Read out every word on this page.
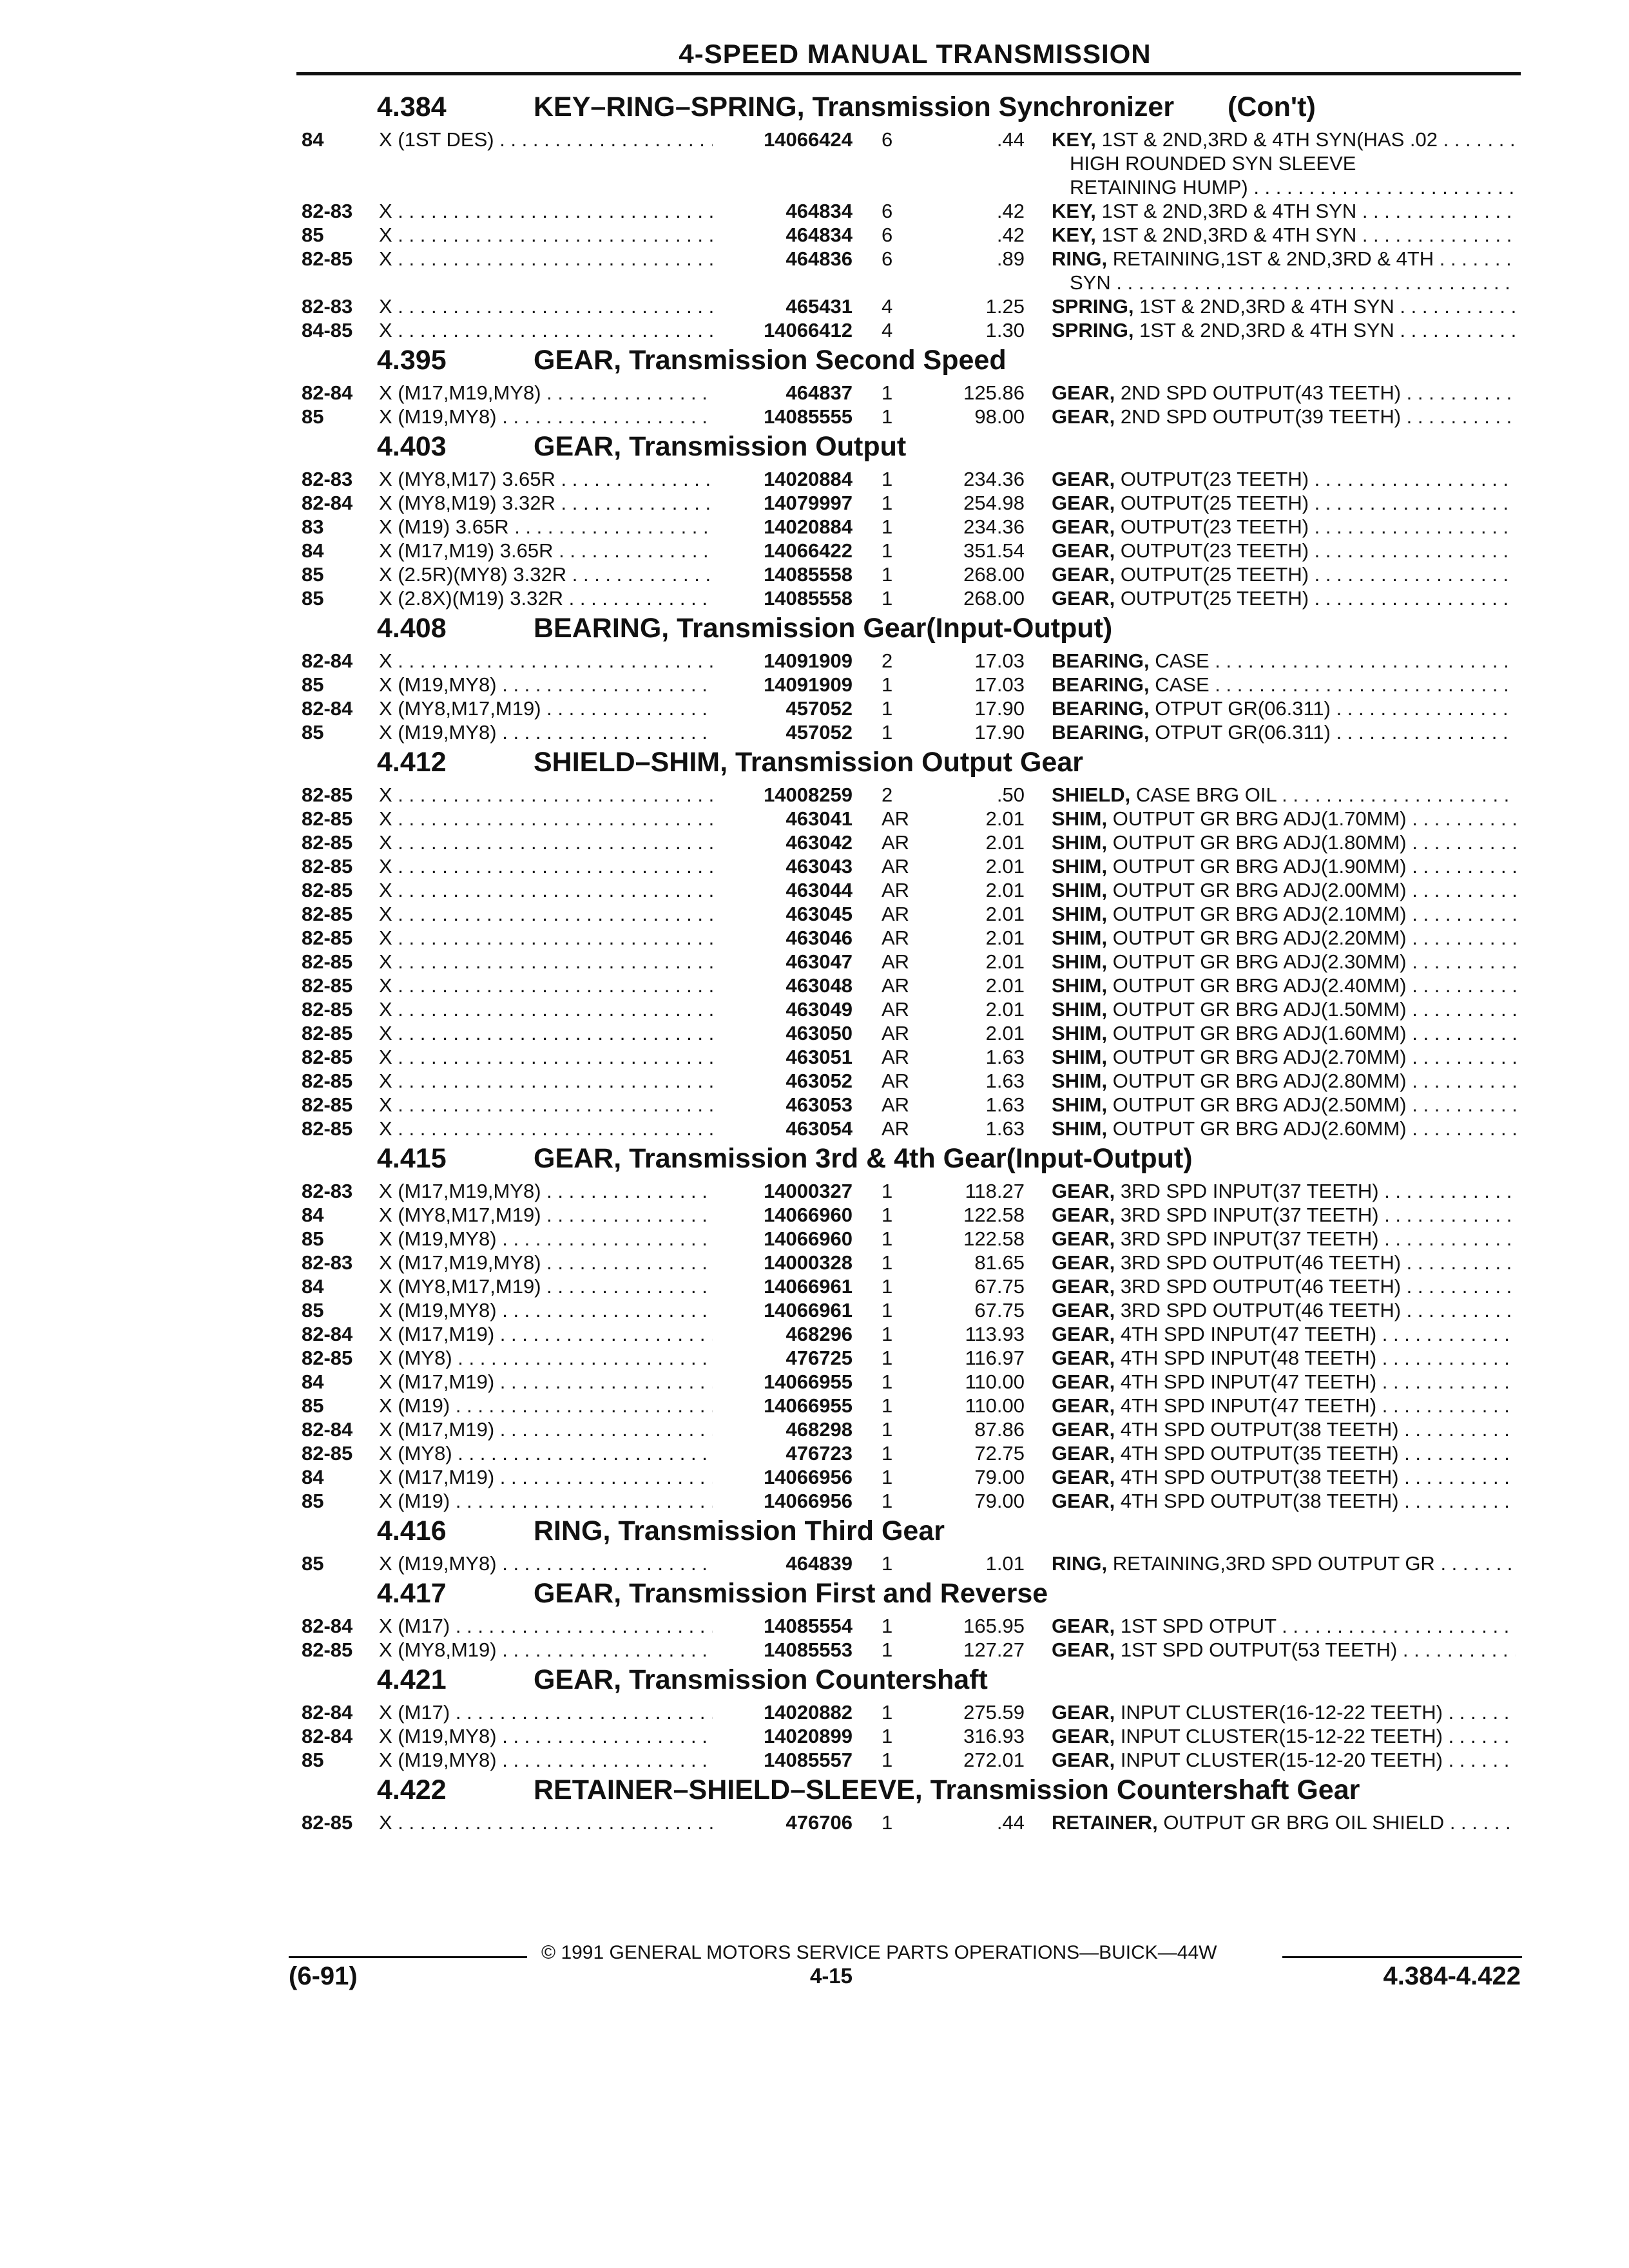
4-SPEED MANUAL TRANSMISSION
4.384	KEY–RING–SPRING, Transmission Synchronizer (Con't)
84	X (1ST DES) . . .	14066424 6	.44 KEY, 1ST & 2ND,3RD & 4TH SYN(HAS .02 . . .
HIGH ROUNDED SYN SLEEVE
RETAINING HUMP) . . .
82-83 X . . .	464834 6	.42 KEY, 1ST & 2ND,3RD & 4TH SYN . . .
85	X . . .	464834 6	.42 KEY, 1ST & 2ND,3RD & 4TH SYN . . .
82-85 X . . .	464836 6	.89 RING, RETAINING,1ST & 2ND,3RD & 4TH . . .
SYN . . .
82-83 X . . .	465431 4	1.25 SPRING, 1ST & 2ND,3RD & 4TH SYN . . .
84-85 X . . .	14066412 4	1.30 SPRING, 1ST & 2ND,3RD & 4TH SYN . . .
4.395	GEAR, Transmission Second Speed
82-84 X (M17,M19,MY8) . . .	464837 1	125.86 GEAR, 2ND SPD OUTPUT(43 TEETH) . . .
85	X (M19,MY8) . . .	14085555 1	98.00 GEAR, 2ND SPD OUTPUT(39 TEETH) . . .
4.403	GEAR, Transmission Output
82-83 X (MY8,M17) 3.65R . . .	14020884 1	234.36 GEAR, OUTPUT(23 TEETH) . . .
82-84 X (MY8,M19) 3.32R . . .	14079997 1	254.98 GEAR, OUTPUT(25 TEETH) . . .
83	X (M19) 3.65R . . .	14020884 1	234.36 GEAR, OUTPUT(23 TEETH) . . .
84	X (M17,M19) 3.65R . . .	14066422 1	351.54 GEAR, OUTPUT(23 TEETH) . . .
85	X (2.5R)(MY8) 3.32R . . .	14085558 1	268.00 GEAR, OUTPUT(25 TEETH) . . .
85	X (2.8X)(M19) 3.32R . . .	14085558 1	268.00 GEAR, OUTPUT(25 TEETH) . . .
4.408	BEARING, Transmission Gear(Input-Output)
82-84 X . . .	14091909 2	17.03 BEARING, CASE . . .
85	X (M19,MY8) . . .	14091909 1	17.03 BEARING, CASE . . .
82-84 X (MY8,M17,M19) . . .	457052 1	17.90 BEARING, OTPUT GR(06.311) . . .
85	X (M19,MY8) . . .	457052 1	17.90 BEARING, OTPUT GR(06.311) . . .
4.412	SHIELD–SHIM, Transmission Output Gear
82-85 X . . .	14008259 2	.50 SHIELD, CASE BRG OIL . . .
82-85 X . . .	463041 AR	2.01 SHIM, OUTPUT GR BRG ADJ(1.70MM) . . .
82-85 X . . .	463042 AR	2.01 SHIM, OUTPUT GR BRG ADJ(1.80MM) . . .
82-85 X . . .	463043 AR	2.01 SHIM, OUTPUT GR BRG ADJ(1.90MM) . . .
82-85 X . . .	463044 AR	2.01 SHIM, OUTPUT GR BRG ADJ(2.00MM) . . .
82-85 X . . .	463045 AR	2.01 SHIM, OUTPUT GR BRG ADJ(2.10MM) . . .
82-85 X . . .	463046 AR	2.01 SHIM, OUTPUT GR BRG ADJ(2.20MM) . . .
82-85 X . . .	463047 AR	2.01 SHIM, OUTPUT GR BRG ADJ(2.30MM) . . .
82-85 X . . .	463048 AR	2.01 SHIM, OUTPUT GR BRG ADJ(2.40MM) . . .
82-85 X . . .	463049 AR	2.01 SHIM, OUTPUT GR BRG ADJ(1.50MM) . . .
82-85 X . . .	463050 AR	2.01 SHIM, OUTPUT GR BRG ADJ(1.60MM) . . .
82-85 X . . .	463051 AR	1.63 SHIM, OUTPUT GR BRG ADJ(2.70MM) . . .
82-85 X . . .	463052 AR	1.63 SHIM, OUTPUT GR BRG ADJ(2.80MM) . . .
82-85 X . . .	463053 AR	1.63 SHIM, OUTPUT GR BRG ADJ(2.50MM) . . .
82-85 X . . .	463054 AR	1.63 SHIM, OUTPUT GR BRG ADJ(2.60MM) . . .
4.415	GEAR, Transmission 3rd & 4th Gear(Input-Output)
82-83 X (M17,M19,MY8) . . .	14000327 1	118.27 GEAR, 3RD SPD INPUT(37 TEETH) . . .
84	X (MY8,M17,M19) . . .	14066960 1	122.58 GEAR, 3RD SPD INPUT(37 TEETH) . . .
85	X (M19,MY8) . . .	14066960 1	122.58 GEAR, 3RD SPD INPUT(37 TEETH) . . .
82-83 X (M17,M19,MY8) . . .	14000328 1	81.65 GEAR, 3RD SPD OUTPUT(46 TEETH) . . .
84	X (MY8,M17,M19) . . .	14066961 1	67.75 GEAR, 3RD SPD OUTPUT(46 TEETH) . . .
85	X (M19,MY8) . . .	14066961 1	67.75 GEAR, 3RD SPD OUTPUT(46 TEETH) . . .
82-84 X (M17,M19) . . .	468296 1	113.93 GEAR, 4TH SPD INPUT(47 TEETH) . . .
82-85 X (MY8) . . .	476725 1	116.97 GEAR, 4TH SPD INPUT(48 TEETH) . . .
84	X (M17,M19) . . .	14066955 1	110.00 GEAR, 4TH SPD INPUT(47 TEETH) . . .
85	X (M19) . . .	14066955 1	110.00 GEAR, 4TH SPD INPUT(47 TEETH) . . .
82-84 X (M17,M19) . . .	468298 1	87.86 GEAR, 4TH SPD OUTPUT(38 TEETH) . . .
82-85 X (MY8) . . .	476723 1	72.75 GEAR, 4TH SPD OUTPUT(35 TEETH) . . .
84	X (M17,M19) . . .	14066956 1	79.00 GEAR, 4TH SPD OUTPUT(38 TEETH) . . .
85	X (M19) . . .	14066956 1	79.00 GEAR, 4TH SPD OUTPUT(38 TEETH) . . .
4.416	RING, Transmission Third Gear
85	X (M19,MY8) . . .	464839 1	1.01 RING, RETAINING,3RD SPD OUTPUT GR . . .
4.417	GEAR, Transmission First and Reverse
82-84 X (M17) . . .	14085554 1	165.95 GEAR, 1ST SPD OTPUT . . .
82-85 X (MY8,M19) . . .	14085553 1	127.27 GEAR, 1ST SPD OUTPUT(53 TEETH) . . .
4.421	GEAR, Transmission Countershaft
82-84 X (M17) . . .	14020882 1	275.59 GEAR, INPUT CLUSTER(16-12-22 TEETH) . . .
82-84 X (M19,MY8) . . .	14020899 1	316.93 GEAR, INPUT CLUSTER(15-12-22 TEETH) . . .
85	X (M19,MY8) . . .	14085557 1	272.01 GEAR, INPUT CLUSTER(15-12-20 TEETH) . . .
4.422	RETAINER–SHIELD–SLEEVE, Transmission Countershaft Gear
82-85 X . . .	476706 1	.44 RETAINER, OUTPUT GR BRG OIL SHIELD . . .
© 1991 GENERAL MOTORS SERVICE PARTS OPERATIONS—BUICK—44W
(6-91)	4-15	4.384-4.422
